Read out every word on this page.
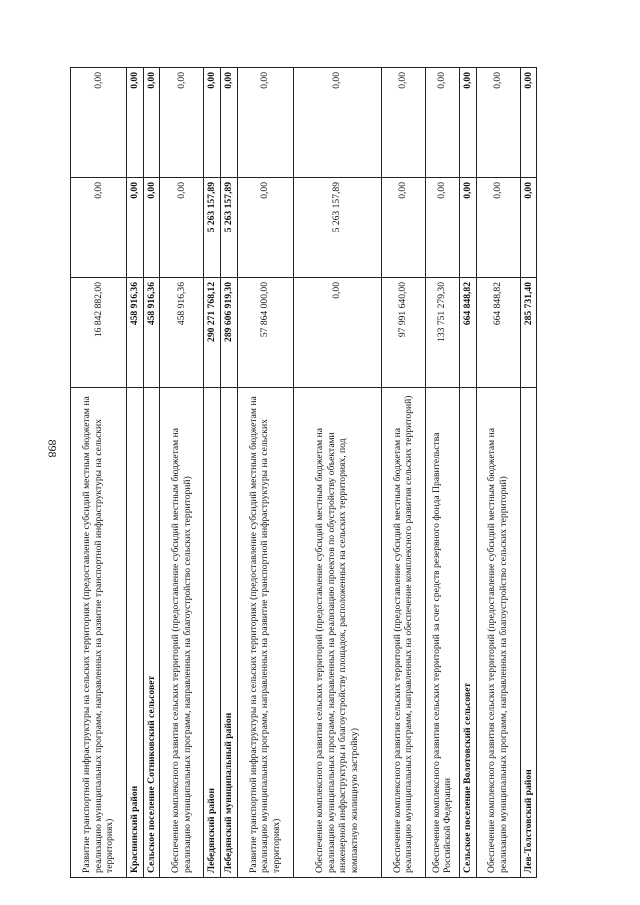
898 Развитие транспортной инфраструктуры на сельских территориях (предоставление субсидий местным бюджетам на реализацию муниципальных программ, направленных на развитие транспортной инфраструктуры на сельских территориях)	16 842 882,00	0,00	0,00
Краснинский район	458 916,36	0,00	0,00
Сельское поселение Сотниковский сельсовет	458 916,36	0,00	0,00
Обеспечение комплексного развития сельских территорий (предоставление субсидий местным бюджетам на реализацию муниципальных программ, направленных на благоустройство сельских территорий)	458 916,36	0,00	0,00
Лебедянский район	290 271 768,12	5 263 157,89	0,00
Лебедянский муниципальный район	289 606 919,30	5 263 157,89	0,00
Развитие транспортной инфраструктуры на сельских территориях (предоставление субсидий местным бюджетам на реализацию муниципальных программ, направленных на развитие транспортной инфраструктуры на сельских территориях)	57 864 000,00	0,00	0,00
Обеспечение комплексного развития сельских территорий (предоставление субсидий местным бюджетам на реализацию муниципальных программ, направленных на реализацию проектов по обустройству объектами инженерной инфраструктуры и благоустройству площадок, расположенных на сельских территориях, под компактную жилищную застройку)	0,00	5 263 157,89	0,00
Обеспечение комплексного развития сельских территорий (предоставление субсидий местным бюджетам на реализацию муниципальных программ, направленных на обеспечение комплексного развития сельских территорий)	97 991 640,00	0,00	0,00
Обеспечение комплексного развития сельских территорий за счет средств резервного фонда Правительства Российской Федерации	133 751 279,30	0,00	0,00
Сельское поселение Волотовский сельсовет	664 848,82	0,00	0,00
Обеспечение комплексного развития сельских территорий (предоставление субсидий местным бюджетам на реализацию муниципальных программ, направленных на благоустройство сельских территорий)	664 848,82	0,00	0,00
Лев-Толстовский район	285 731,40	0,00	0,00
